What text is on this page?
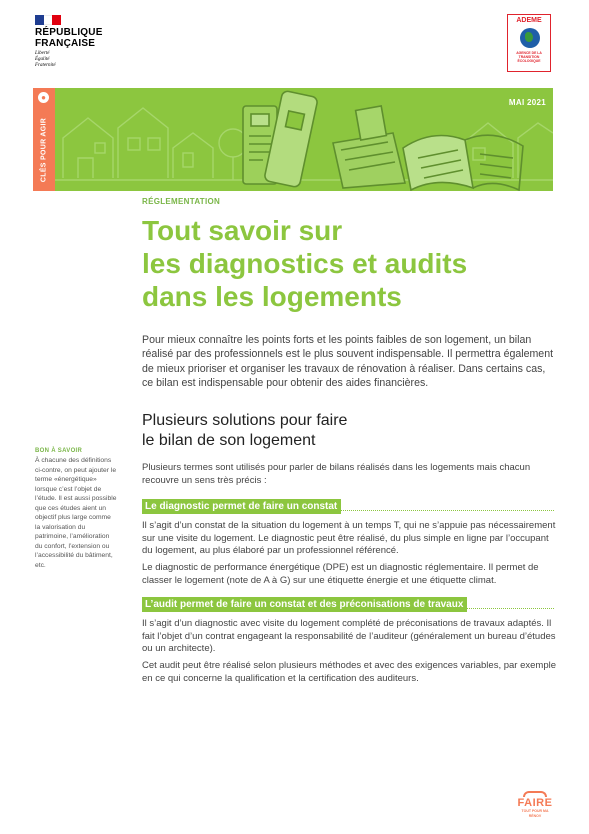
RÉPUBLIQUE FRANÇAISE
Liberté
Égalité
Fraternité
ADEME
AGENCE DE LA TRANSITION ÉCOLOGIQUE
●
CLÉS POUR AGIR
MAI 2021
RÉGLEMENTATION
Tout savoir sur
les diagnostics et audits
dans les logements
Pour mieux connaître les points forts et les points faibles de son logement, un bilan réalisé par des professionnels est le plus souvent indispensable. Il permettra également de mieux prioriser et organiser les travaux de rénovation à réaliser. Dans certains cas, ce bilan est indispensable pour obtenir des aides financières.
Plusieurs solutions pour faire
le bilan de son logement
Plusieurs termes sont utilisés pour parler de bilans réalisés dans les logements mais chacun recouvre un sens très précis :
Le diagnostic permet de faire un constat
Il s’agit d’un constat de la situation du logement à un temps T, qui ne s’appuie pas nécessairement sur une visite du logement. Le diagnostic peut être réalisé, du plus simple en ligne par l’occupant du logement, au plus élaboré par un professionnel référencé.
Le diagnostic de performance énergétique (DPE) est un diagnostic réglementaire. Il permet de classer le logement (note de A à G) sur une étiquette énergie et une étiquette climat.
L’audit permet de faire un constat et des préconisations de travaux
Il s’agit d’un diagnostic avec visite du logement complété de préconisations de travaux adaptés. Il fait l’objet d’un contrat engageant la responsabilité de l’auditeur (généralement un bureau d’études ou un architecte).
Cet audit peut être réalisé selon plusieurs méthodes et avec des exigences variables, par exemple en ce qui concerne la qualification et la certification des auditeurs.
BON À SAVOIR
À chacune des définitions ci-contre, on peut ajouter le terme «énergétique» lorsque c’est l’objet de l’étude. Il est aussi possible que ces études aient un objectif plus large comme la valorisation du patrimoine, l’amélioration du confort, l’extension ou l’accessibilité du bâtiment, etc.
FAIRE
TOUT POUR MA RÉNOV
